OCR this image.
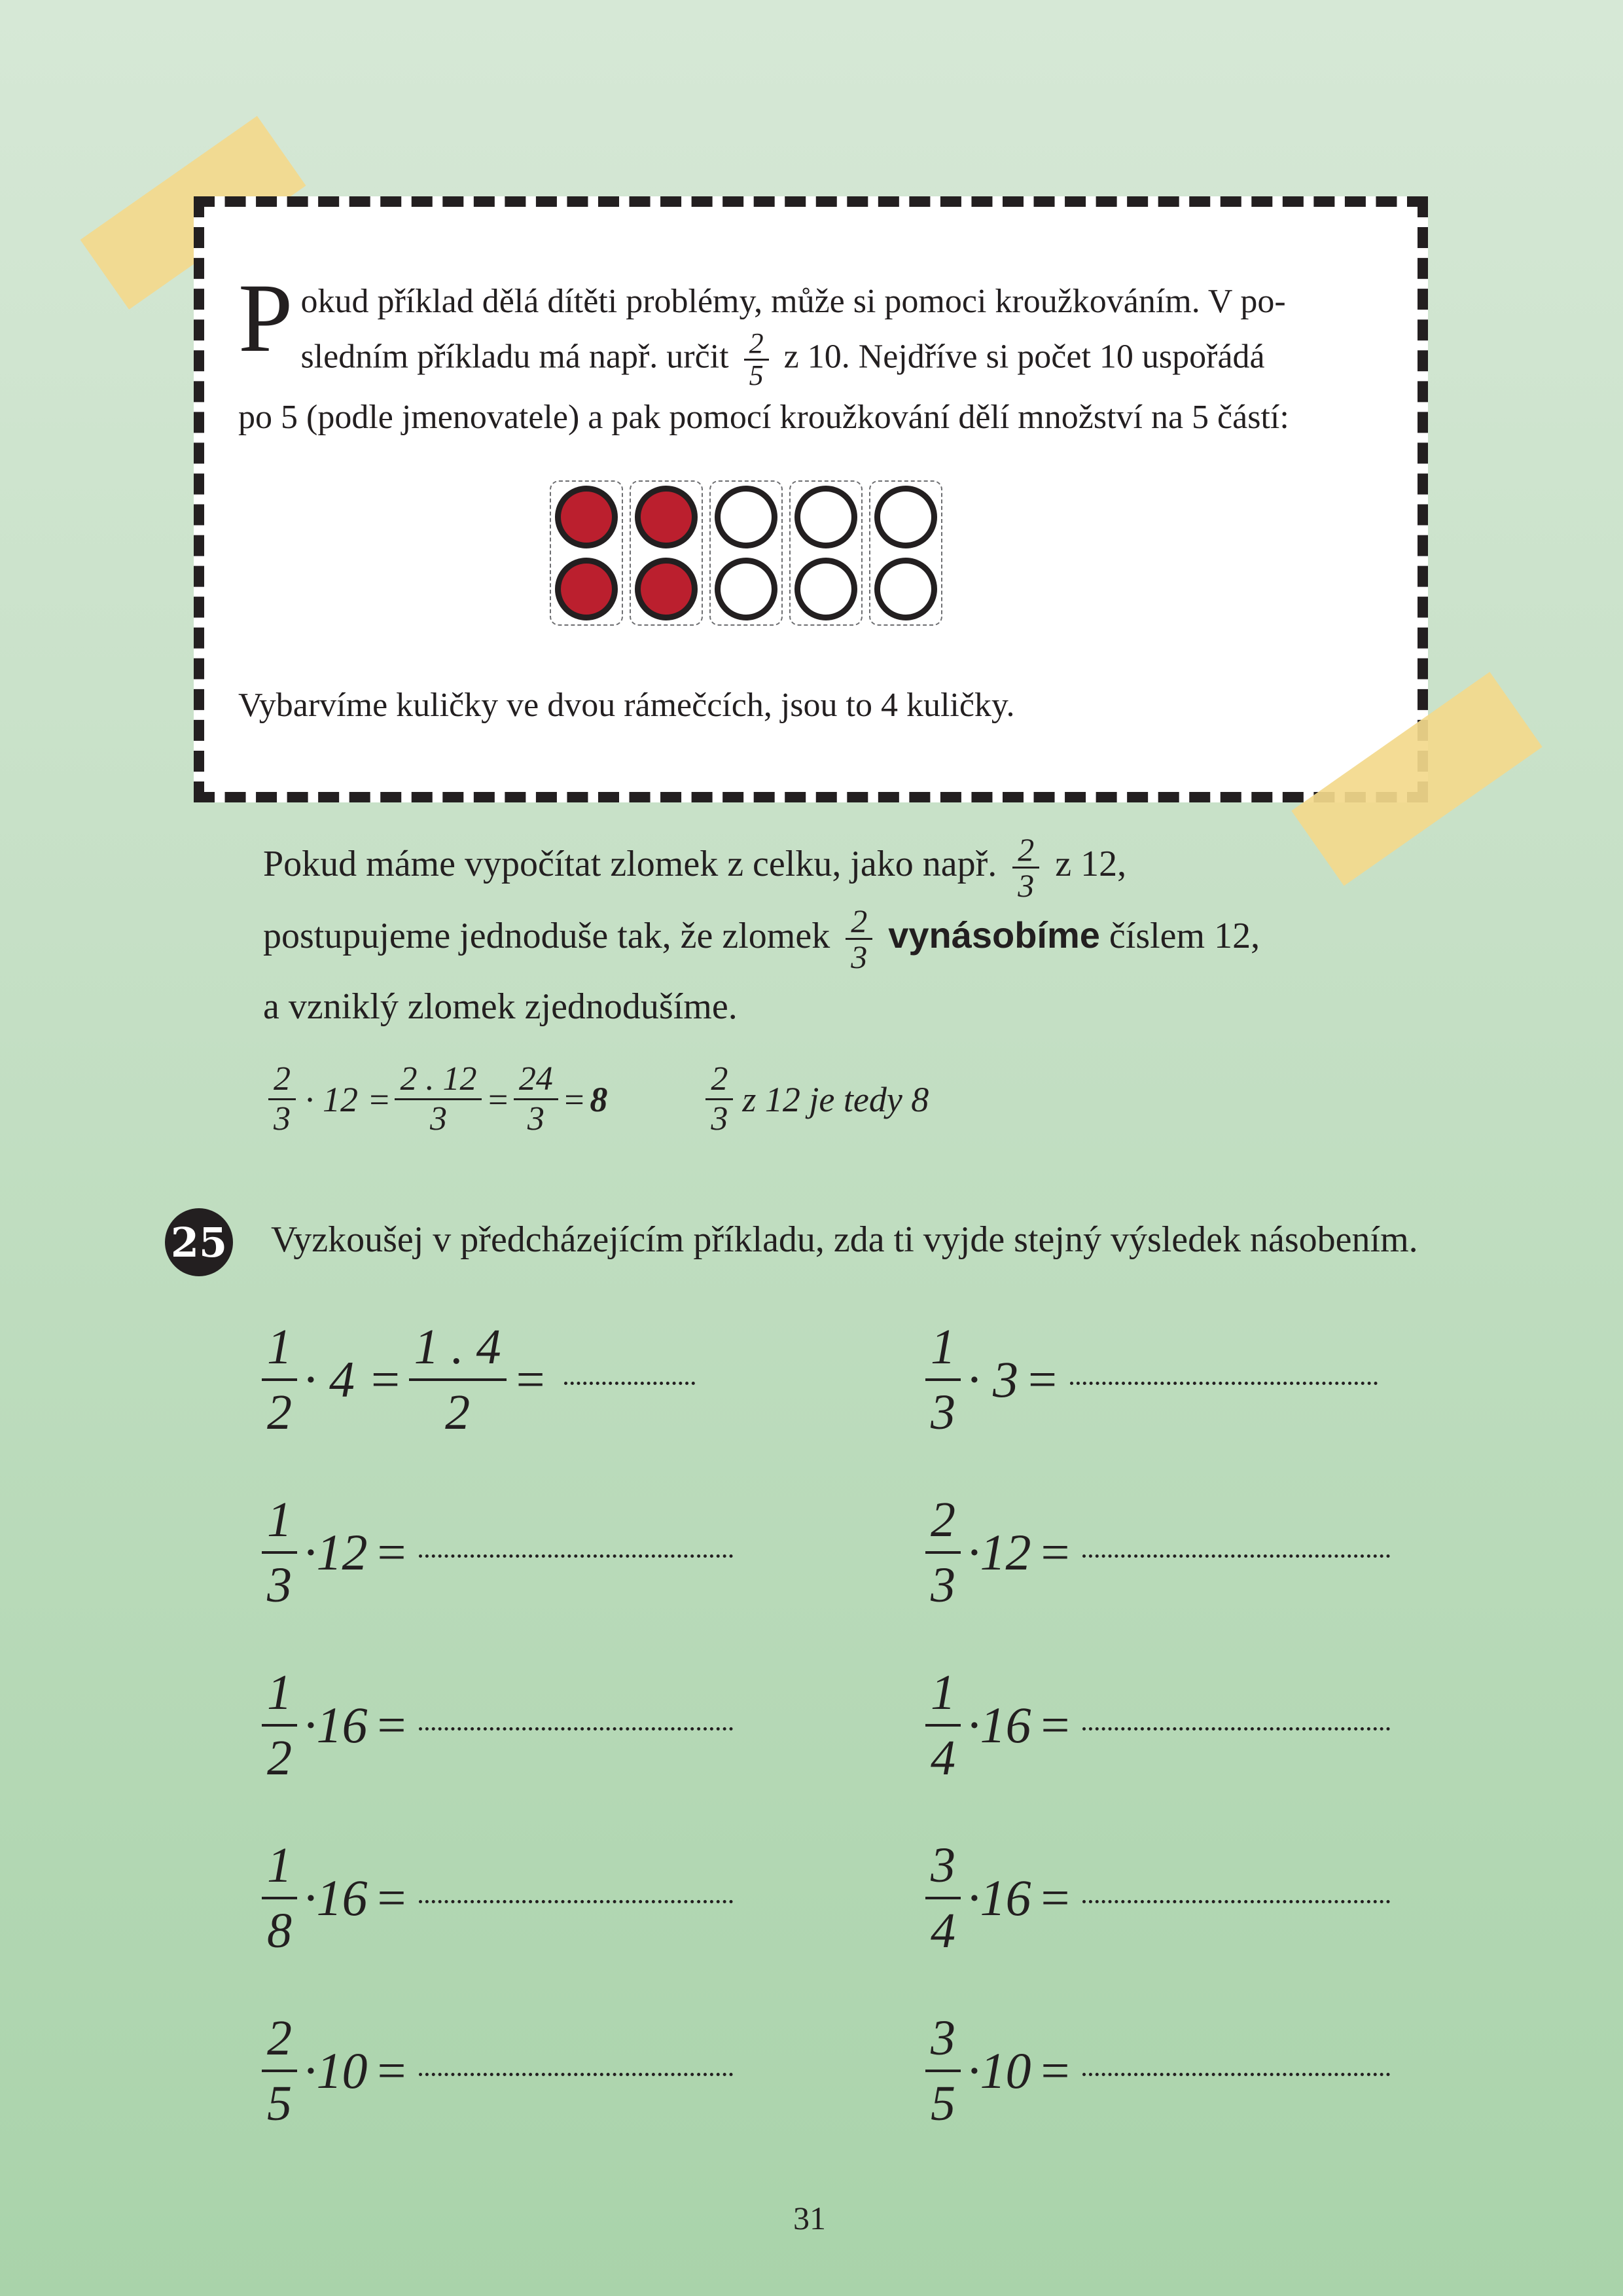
P okud příklad dělá dítěti problémy, může si pomoci kroužkováním. V po-
sledním příkladu má např. určit $\frac{2}{5}$ z 10. Nejdříve si počet 10 uspořádá
po 5 (podle jmenovatele) a pak pomocí kroužkování dělí množství na 5 částí:
Vybarvíme kuličky ve dvou rámečcích, jsou to 4 kuličky.
Pokud máme vypočítat zlomek z celku, jako např. $\frac{2}{3}$ z 12,
postupujeme jednoduše tak, že zlomek $\frac{2}{3}$ vynásobíme číslem 12,
a vzniklý zlomek zjednodušíme.
$\frac{2}{3} \cdot 12 = \frac{2 . 12}{3} = \frac{24}{3} = 8$	$\frac{2}{3}$ z 12 je tedy 8
25 Vyzkoušej v předcházejícím příkladu, zda ti vyjde stejný výsledek násobením.
$\frac{1}{2} \cdot 4 = \frac{1 . 4}{2}$ =	$\frac{1}{3} \cdot 3$ =
$\frac{1}{3} \cdot 12$ =	$\frac{2}{3} \cdot 12$ =
$\frac{1}{2} \cdot 16$ =	$\frac{1}{4} \cdot 16$ =
$\frac{1}{8} \cdot 16$ =	$\frac{3}{4} \cdot 16$ =
$\frac{2}{5} \cdot 10$ =	$\frac{3}{5} \cdot 10$ =
31
